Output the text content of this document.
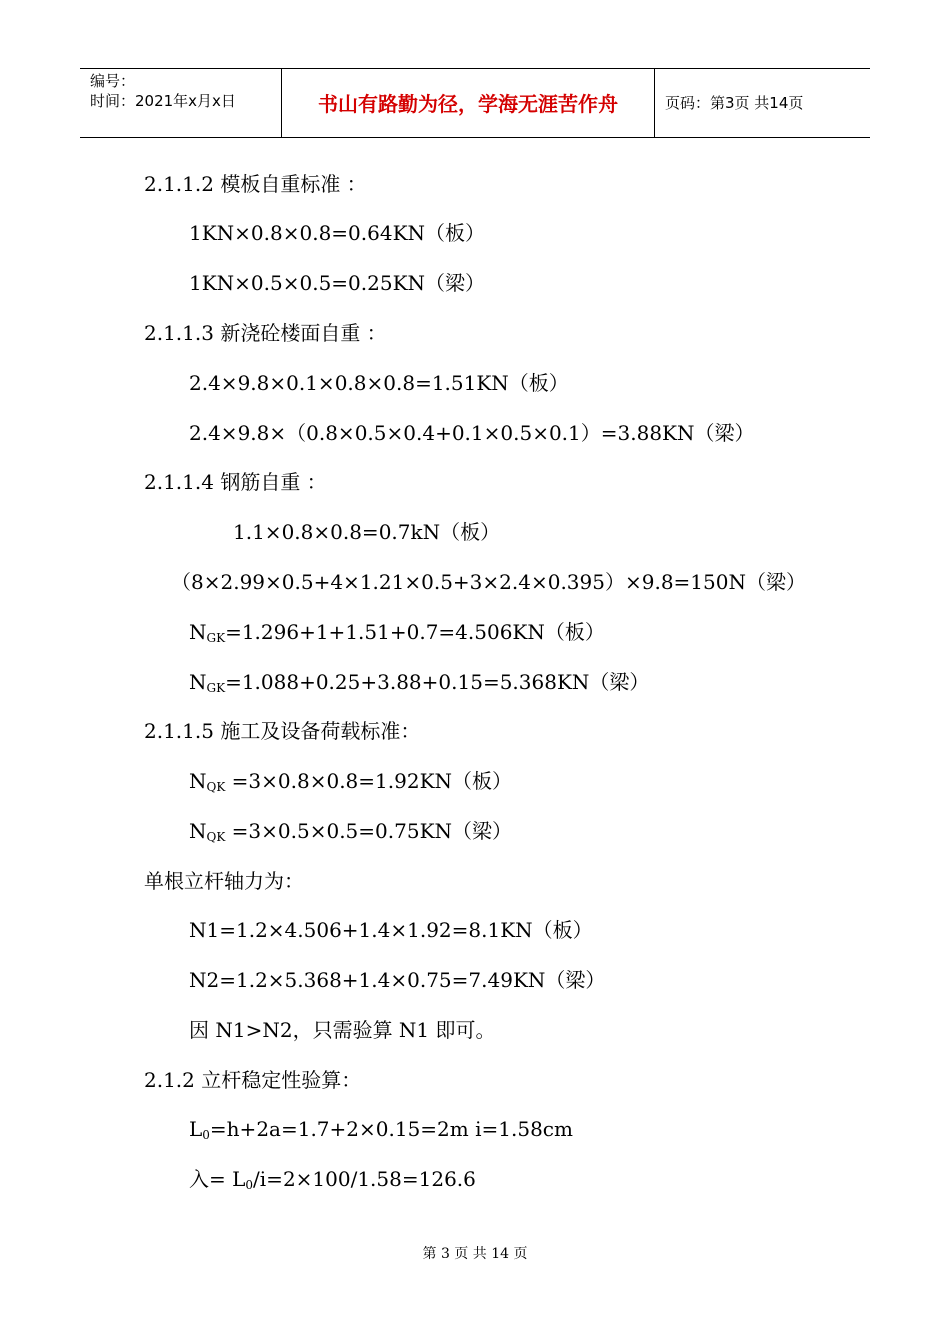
编号：
时间：2021年x月x日	书山有路勤为径，学海无涯苦作舟	页码：第3页 共14页
2.1.1.2 模板自重标准 ：
1KN×0.8×0.8=0.64KN（板）
1KN×0.5×0.5=0.25KN（梁）
2.1.1.3 新浇砼楼面自重 ：
2.4×9.8×0.1×0.8×0.8=1.51KN（板）
2.4×9.8×（0.8×0.5×0.4+0.1×0.5×0.1）=3.88KN（梁）
2.1.1.4 钢筋自重 ：
1.1×0.8×0.8=0.7kN（板）
（8×2.99×0.5+4×1.21×0.5+3×2.4×0.395）×9.8=150N（梁）
$N_{GK}=1.296+1+1.51+0.7=4.506KN$（板）
$N_{GK}=1.088+0.25+3.88+0.15=5.368KN$（梁）
2.1.1.5 施工及设备荷载标准：
$N_{QK} =3\times 0.8\times 0.8=1.92KN$（板）
$N_{QK} =3\times 0.5\times 0.5=0.75KN$（梁）
单根立杆轴力为：
N1=1.2×4.506+1.4×1.92=8.1KN（板）
N2=1.2×5.368+1.4×0.75=7.49KN（梁）
因 N1>N2，只需验算 N1 即可。
2.1.2 立杆稳定性验算：
$L_0=h+2a=1.7+2\times 0.15=2m$ i=1.58cm
入= $L_0/i=2\times 100/1.58=126.6$
第 3 页 共 14 页
